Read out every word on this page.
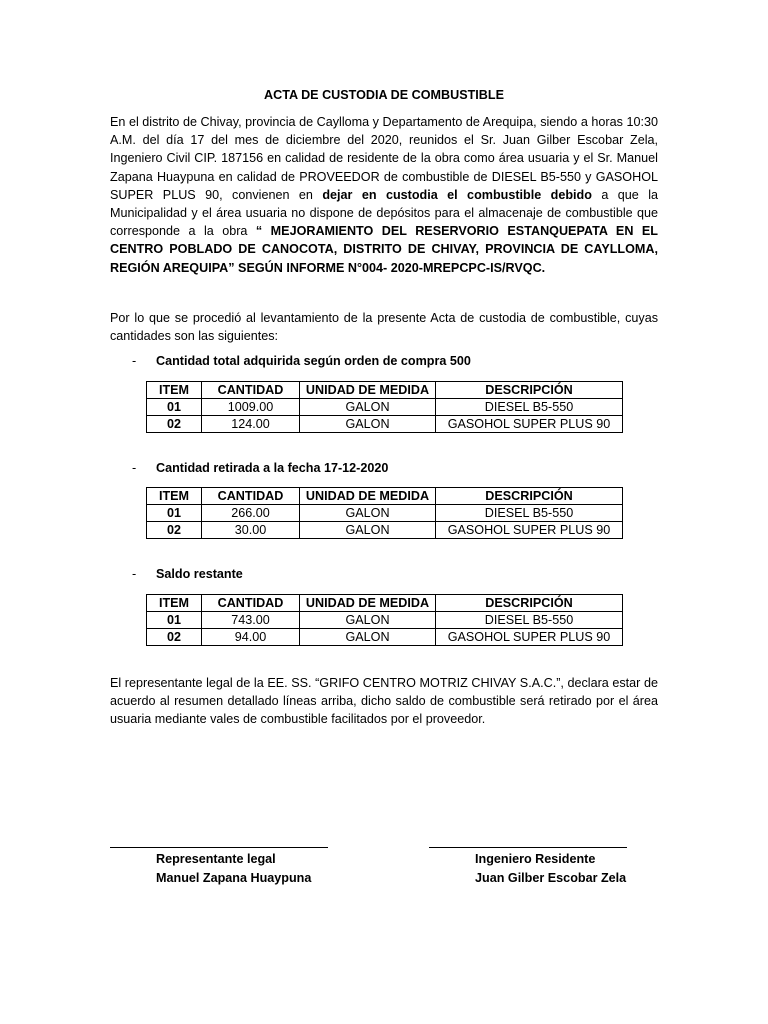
ACTA DE CUSTODIA DE COMBUSTIBLE

En el distrito de Chivay, provincia de Caylloma y Departamento de Arequipa, siendo a horas 10:30 A.M. del día 17 del mes de diciembre del 2020, reunidos el Sr. Juan Gilber Escobar Zela, Ingeniero Civil CIP. 187156 en calidad de residente de la obra como área usuaria y el Sr. Manuel Zapana Huaypuna en calidad de PROVEEDOR de combustible de DIESEL B5-550 y GASOHOL SUPER PLUS 90, convienen en dejar en custodia el combustible debido a que la Municipalidad y el área usuaria no dispone de depósitos para el almacenaje de combustible que corresponde a la obra “ MEJORAMIENTO DEL RESERVORIO ESTANQUEPATA EN EL CENTRO POBLADO DE CANOCOTA, DISTRITO DE CHIVAY, PROVINCIA DE CAYLLOMA, REGIÓN AREQUIPA” SEGÚN INFORME N°004- 2020-MREPCPC-IS/RVQC.

Por lo que se procedió al levantamiento de la presente Acta de custodia de combustible, cuyas cantidades son las siguientes:

- Cantidad total adquirida según orden de compra 500

ITEM	CANTIDAD	UNIDAD DE MEDIDA	DESCRIPCIÓN
01	1009.00	GALON	DIESEL B5-550
02	124.00	GALON	GASOHOL SUPER PLUS 90

- Cantidad retirada a la fecha 17-12-2020

ITEM	CANTIDAD	UNIDAD DE MEDIDA	DESCRIPCIÓN
01	266.00	GALON	DIESEL B5-550
02	30.00	GALON	GASOHOL SUPER PLUS 90

- Saldo restante

ITEM	CANTIDAD	UNIDAD DE MEDIDA	DESCRIPCIÓN
01	743.00	GALON	DIESEL B5-550
02	94.00	GALON	GASOHOL SUPER PLUS 90

El representante legal de la EE. SS. “GRIFO CENTRO MOTRIZ CHIVAY S.A.C.”, declara estar de acuerdo al resumen detallado líneas arriba, dicho saldo de combustible será retirado por el área usuaria mediante vales de combustible facilitados por el proveedor.

Representante legal
Manuel Zapana Huaypuna
Ingeniero Residente
Juan Gilber Escobar Zela
